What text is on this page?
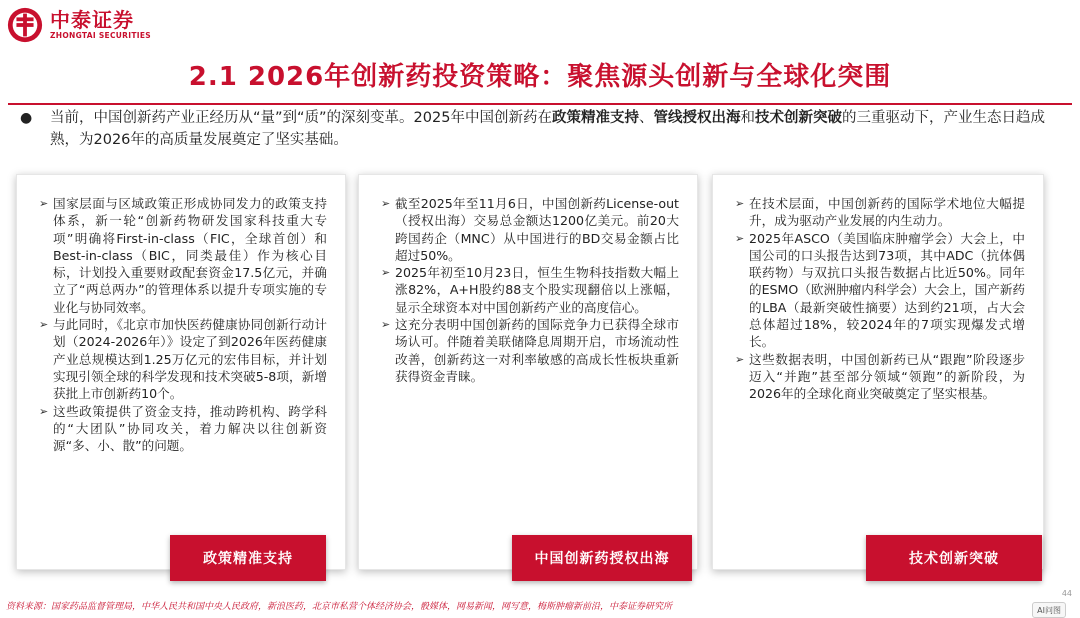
中泰证券
ZHONGTAI SECURITIES
2.1 2026年创新药投资策略：聚焦源头创新与全球化突围
●	当前，中国创新药产业正经历从“量”到“质”的深刻变革。2025年中国创新药在政策精准支持、管线授权出海和技术创新突破的三重驱动下，产业生态日趋成熟，为2026年的高质量发展奠定了坚实基础。
➢ 国家层面与区域政策正形成协同发力的政策支持体系，新一轮“创新药物研发国家科技重大专项”明确将First-in-class（FIC，全球首创）和Best-in-class（BIC，同类最佳）作为核心目标，计划投入重要财政配套资金17.5亿元，并确立了“两总两办”的管理体系以提升专项实施的专业化与协同效率。
➢ 与此同时，《北京市加快医药健康协同创新行动计划（2024-2026年）》设定了到2026年医药健康产业总规模达到1.25万亿元的宏伟目标，并计划实现引领全球的科学发现和技术突破5-8项，新增获批上市创新药10个。
➢ 这些政策提供了资金支持，推动跨机构、跨学科的“大团队”协同攻关，着力解决以往创新资源“多、小、散”的问题。
➢ 截至2025年至11月6日，中国创新药License-out（授权出海）交易总金额达1200亿美元。前20大跨国药企（MNC）从中国进行的BD交易金额占比超过50%。
➢ 2025年初至10月23日，恒生生物科技指数大幅上涨82%，A+H股约88支个股实现翻倍以上涨幅，显示全球资本对中国创新药产业的高度信心。
➢ 这充分表明中国创新药的国际竞争力已获得全球市场认可。伴随着美联储降息周期开启，市场流动性改善，创新药这一对利率敏感的高成长性板块重新获得资金青睐。
➢ 在技术层面，中国创新药的国际学术地位大幅提升，成为驱动产业发展的内生动力。
➢ 2025年ASCO（美国临床肿瘤学会）大会上，中国公司的口头报告达到73项，其中ADC（抗体偶联药物）与双抗口头报告数据占比近50%。同年的ESMO（欧洲肿瘤内科学会）大会上，国产新药的LBA（最新突破性摘要）达到约21项，占大会总体超过18%，较2024年的7项实现爆发式增长。
➢ 这些数据表明，中国创新药已从“跟跑”阶段逐步迈入“并跑”甚至部分领域“领跑”的新阶段，为2026年的全球化商业突破奠定了坚实根基。
政策精准支持	中国创新药授权出海	技术创新突破
资料来源：国家药品监督管理局，中华人民共和国中央人民政府，新浪医药，北京市私营个体经济协会，骰媒体，网易新闻，网写意，梅斯肿瘤新前沿，中泰证券研究所
44
AI问图
